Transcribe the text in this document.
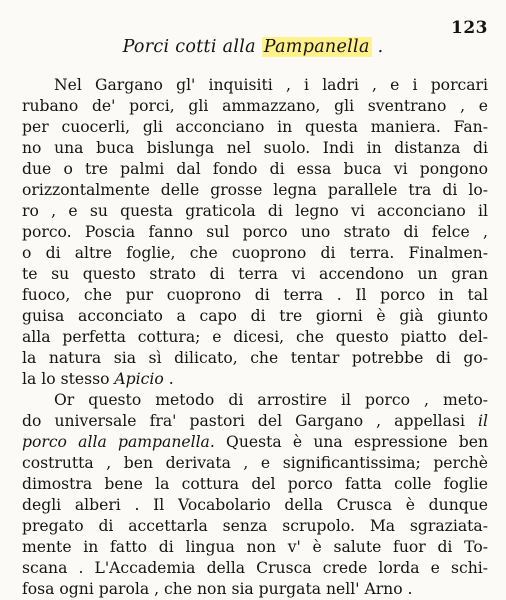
123
Porci cotti alla Pampanella .
Nel Gargano gl' inquisiti , i ladri , e i porcari
rubano de' porci, gli ammazzano, gli sventrano , e
per cuocerli, gli acconciano in questa maniera. Fan-
no una buca bislunga nel suolo. Indi in distanza di
due o tre palmi dal fondo di essa buca vi pongono
orizzontalmente delle grosse legna parallele tra di lo-
ro , e su questa graticola di legno vi acconciano il
porco. Poscia fanno sul porco uno strato di felce ,
o di altre foglie, che cuoprono di terra. Finalmen-
te su questo strato di terra vi accendono un gran
fuoco, che pur cuoprono di terra . Il porco in tal
guisa acconciato a capo di tre giorni è già giunto
alla perfetta cottura; e dicesi, che questo piatto del-
la natura sia sì dilicato, che tentar potrebbe di go-
la lo stesso Apicio .
Or questo metodo di arrostire il porco , meto-
do universale fra' pastori del Gargano , appellasi il
porco alla pampanella. Questa è una espressione ben
costrutta , ben derivata , e significantissima; perchè
dimostra bene la cottura del porco fatta colle foglie
degli alberi . Il Vocabolario della Crusca è dunque
pregato di accettarla senza scrupolo. Ma sgraziata-
mente in fatto di lingua non v' è salute fuor di To-
scana . L'Accademia della Crusca crede lorda e schi-
fosa ogni parola , che non sia purgata nell' Arno .
